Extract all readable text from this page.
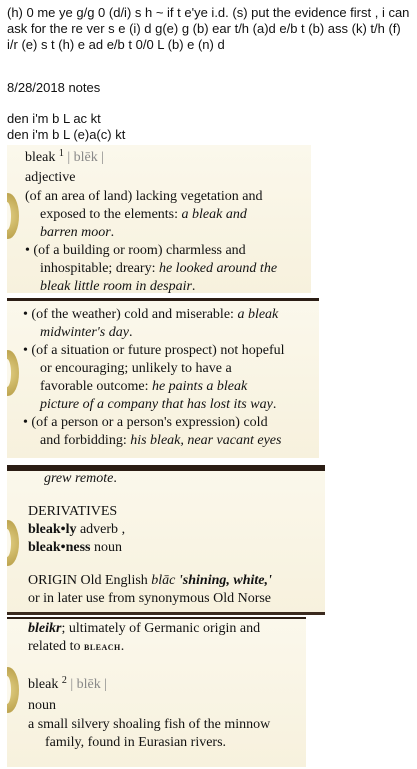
(h) 0 me ye g/g 0 (d/i) s h ~ if t e'ye i.d. (s) put the evidence first , i can ask for the re ver s e (i) d g(e) g (b) ear t/h (a)d e/b t (b) ass (k) t/h (f) i/r (e) s t (h) e ad e/b t 0/0 L (b) e (n) d
8/28/2018 notes
den i'm b L ac kt
den i'm b L (e)a(c) kt
bleak $^1$ | blēk |
adjective
(of an area of land) lacking vegetation and
exposed to the elements: a bleak and
barren moor.
• (of a building or room) charmless and
inhospitable; dreary: he looked around the
bleak little room in despair.
• (of the weather) cold and miserable: a bleak
midwinter's day.
• (of a situation or future prospect) not hopeful
or encouraging; unlikely to have a
favorable outcome: he paints a bleak
picture of a company that has lost its way.
• (of a person or a person's expression) cold
and forbidding: his bleak, near vacant eyes
grew remote.
DERIVATIVES
bleak•ly adverb ,
bleak•ness noun
ORIGIN Old English blāc 'shining, white,'
or in later use from synonymous Old Norse
bleikr; ultimately of Germanic origin and
related to bleach.
bleak $^2$ | blēk |
noun
a small silvery shoaling fish of the minnow
family, found in Eurasian rivers.
